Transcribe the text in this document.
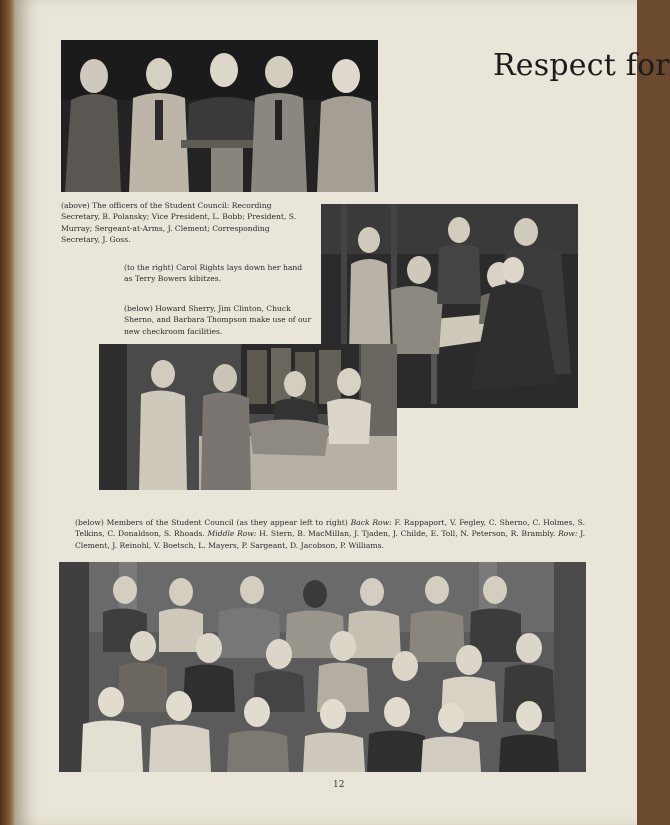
Respect for
(above) The officers of the Student Council: Recording Secretary, B. Polansky; Vice President, L. Bobb; President, S. Murray; Sergeant-at-Arms, J. Clement; Corresponding Secretary, J. Goss.
(to the right) Carol Rights lays down her hand as Terry Bowers kibitzes.
(below) Howard Sherry, Jim Clinton, Chuck Sherno, and Barbara Thompson make use of our new checkroom facilities.
(below) Members of the Student Council (as they appear left to right) Back Row: F. Rappaport, V. Fegley, C. Sherno, C. Holmes, S. Telkins, C. Donaldson, S. Rhoads. Middle Row: H. Stern, B. MacMillan, J. Tjaden, J. Childe, E. Toll, N. Peterson, R. Brambly. Row: J. Clement, J. Reinohl, V. Boetsch, L. Mayers, P. Sargeant, D. Jacobson, P. Williams.
12
